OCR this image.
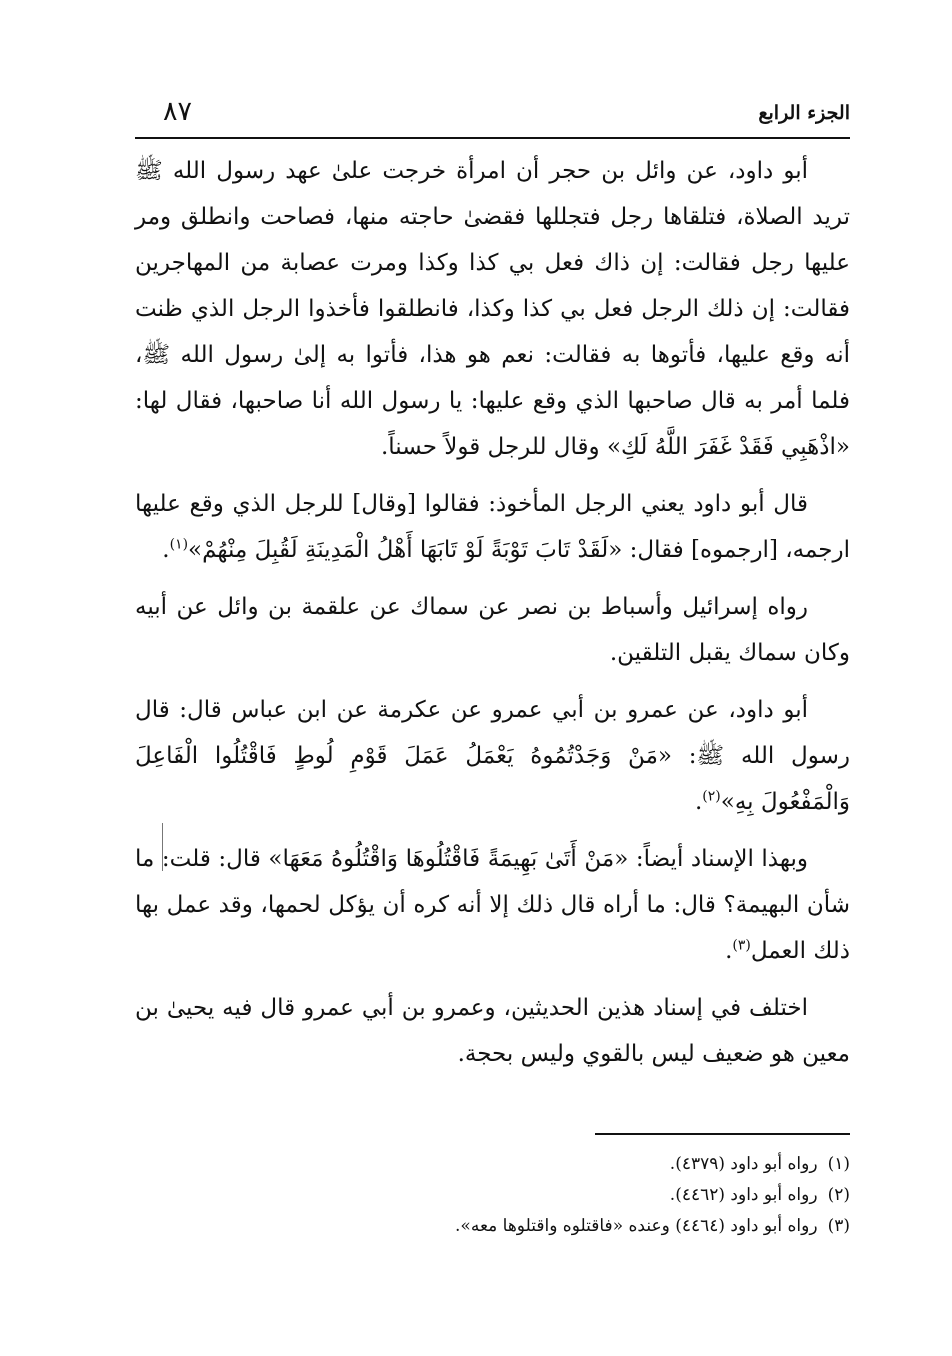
الجزء الرابع
٨٧

أبو داود، عن وائل بن حجر أن امرأة خرجت علىٰ عهد رسول الله ﷺ تريد الصلاة، فتلقاها رجل فتجللها فقضىٰ حاجته منها، فصاحت وانطلق ومر عليها رجل فقالت: إن ذاك فعل بي كذا وكذا ومرت عصابة من المهاجرين فقالت: إن ذلك الرجل فعل بي كذا وكذا، فانطلقوا فأخذوا الرجل الذي ظنت أنه وقع عليها، فأتوها به فقالت: نعم هو هذا، فأتوا به إلىٰ رسول الله ﷺ، فلما أمر به قال صاحبها الذي وقع عليها: يا رسول الله أنا صاحبها، فقال لها: «اذْهَبِي فَقَدْ غَفَرَ اللَّهُ لَكِ» وقال للرجل قولاً حسناً.

قال أبو داود يعني الرجل المأخوذ: فقالوا [وقال] للرجل الذي وقع عليها ارجمه، [ارجموه] فقال: «لَقَدْ تَابَ تَوْبَةً لَوْ تَابَهَا أَهْلُ الْمَدِينَةِ لَقُبِلَ مِنْهُمْ»$^{(١)}$.

رواه إسرائيل وأسباط بن نصر عن سماك عن علقمة بن وائل عن أبيه وكان سماك يقبل التلقين.

أبو داود، عن عمرو بن أبي عمرو عن عكرمة عن ابن عباس قال: قال رسول الله ﷺ: «مَنْ وَجَدْتُمُوهُ يَعْمَلُ عَمَلَ قَوْمِ لُوطٍ فَاقْتُلُوا الْفَاعِلَ وَالْمَفْعُولَ بِهِ»$^{(٢)}$.

وبهذا الإسناد أيضاً: «مَنْ أَتَىٰ بَهِيمَةً فَاقْتُلُوهَا وَاقْتُلُوهُ مَعَهَا» قال: قلت: ما شأن البهيمة؟ قال: ما أراه قال ذلك إلا أنه كره أن يؤكل لحمها، وقد عمل بها ذلك العمل$^{(٣)}$.

اختلف في إسناد هذين الحديثين، وعمرو بن أبي عمرو قال فيه يحيىٰ بن معين هو ضعيف ليس بالقوي وليس بحجة.

(١)رواه أبو داود (٤٣٧٩).

(٢)رواه أبو داود (٤٤٦٢).

(٣)رواه أبو داود (٤٤٦٤) وعنده «فاقتلوه واقتلوها معه».
